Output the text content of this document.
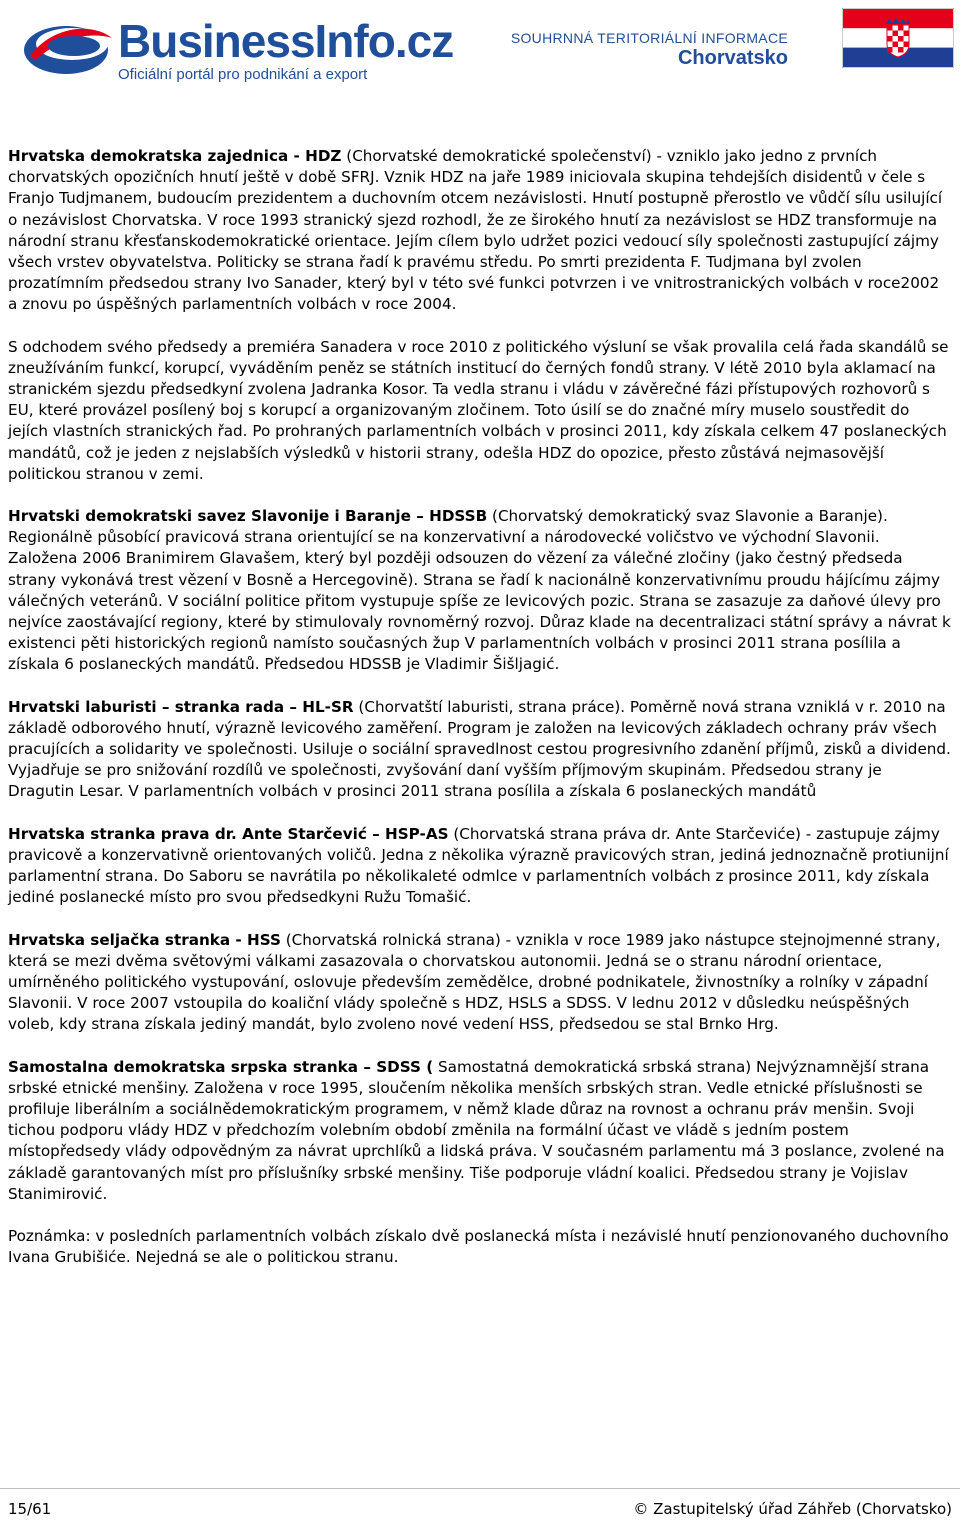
BusinessInfo.cz
Oficiální portál pro podnikání a export
SOUHRNNÁ TERITORIÁLNÍ INFORMACE
Chorvatsko

Hrvatska demokratska zajednica - HDZ (Chorvatské demokratické společenství) - vzniklo jako jedno z prvních chorvatských opozičních hnutí ještě v době SFRJ. Vznik HDZ na jaře 1989 iniciovala skupina tehdejších disidentů v čele s Franjo Tudjmanem, budoucím prezidentem a duchovním otcem nezávislosti. Hnutí postupně přerostlo ve vůdčí sílu usilující o nezávislost Chorvatska. V roce 1993 stranický sjezd rozhodl, že ze širokého hnutí za nezávislost se HDZ transformuje na národní stranu křesťanskodemokratické orientace. Jejím cílem bylo udržet pozici vedoucí síly společnosti zastupující zájmy všech vrstev obyvatelstva. Politicky se strana řadí k pravému středu. Po smrti prezidenta F. Tudjmana byl zvolen prozatímním předsedou strany Ivo Sanader, který byl v této své funkci potvrzen i ve vnitrostranických volbách v roce2002 a znovu po úspěšných parlamentních volbách v roce 2004.

S odchodem svého předsedy a premiéra Sanadera v roce 2010 z politického výsluní se však provalila celá řada skandálů se zneužíváním funkcí, korupcí, vyváděním peněz se státních institucí do černých fondů strany. V létě 2010 byla aklamací na stranickém sjezdu předsedkyní zvolena Jadranka Kosor. Ta vedla stranu i vládu v závěrečné fázi přístupových rozhovorů s EU, které provázel posílený boj s korupcí a organizovaným zločinem. Toto úsilí se do značné míry muselo soustředit do jejích vlastních stranických řad. Po prohraných parlamentních volbách v prosinci 2011, kdy získala celkem 47 poslaneckých mandátů, což je jeden z nejslabších výsledků v historii strany, odešla HDZ do opozice, přesto zůstává nejmasovější politickou stranou v zemi.

Hrvatski demokratski savez Slavonije i Baranje – HDSSB (Chorvatský demokratický svaz Slavonie a Baranje). Regionálně působící pravicová strana orientující se na konzervativní a národovecké voličstvo ve východní Slavonii. Založena 2006 Branimirem Glavašem, který byl později odsouzen do vězení za válečné zločiny (jako čestný předseda strany vykonává trest vězení v Bosně a Hercegovině). Strana se řadí k nacionálně konzervativnímu proudu hájícímu zájmy válečných veteránů. V sociální politice přitom vystupuje spíše ze levicových pozic. Strana se zasazuje za daňové úlevy pro nejvíce zaostávající regiony, které by stimulovaly rovnoměrný rozvoj. Důraz klade na decentralizaci státní správy a návrat k existenci pěti historických regionů namísto současných žup V parlamentních volbách v prosinci 2011 strana posílila a získala 6 poslaneckých mandátů. Předsedou HDSSB je Vladimir Šišljagić.

Hrvatski laburisti – stranka rada – HL-SR (Chorvatští laburisti, strana práce). Poměrně nová strana vzniklá v r. 2010 na základě odborového hnutí, výrazně levicového zaměření. Program je založen na levicových základech ochrany práv všech pracujících a solidarity ve společnosti. Usiluje o sociální spravedlnost cestou progresivního zdanění příjmů, zisků a dividend. Vyjadřuje se pro snižování rozdílů ve společnosti, zvyšování daní vyšším příjmovým skupinám. Předsedou strany je Dragutin Lesar. V parlamentních volbách v prosinci 2011 strana posílila a získala 6 poslaneckých mandátů

Hrvatska stranka prava dr. Ante Starčević – HSP-AS (Chorvatská strana práva dr. Ante Starčeviće) - zastupuje zájmy pravicově a konzervativně orientovaných voličů. Jedna z několika výrazně pravicových stran, jediná jednoznačně protiunijní parlamentní strana. Do Saboru se navrátila po několikaleté odmlce v parlamentních volbách z prosince 2011, kdy získala jediné poslanecké místo pro svou předsedkyni Ružu Tomašić.

Hrvatska seljačka stranka - HSS (Chorvatská rolnická strana) - vznikla v roce 1989 jako nástupce stejnojmenné strany, která se mezi dvěma světovými válkami zasazovala o chorvatskou autonomii. Jedná se o stranu národní orientace, umírněného politického vystupování, oslovuje především zemědělce, drobné podnikatele, živnostníky a rolníky v západní Slavonii. V roce 2007 vstoupila do koaliční vlády společně s HDZ, HSLS a SDSS. V lednu 2012 v důsledku neúspěšných voleb, kdy strana získala jediný mandát, bylo zvoleno nové vedení HSS, předsedou se stal Brnko Hrg.

Samostalna demokratska srpska stranka – SDSS ( Samostatná demokratická srbská strana) Nejvýznamnější strana srbské etnické menšiny. Založena v roce 1995, sloučením několika menších srbských stran. Vedle etnické příslušnosti se profiluje liberálním a sociálnědemokratickým programem, v němž klade důraz na rovnost a ochranu práv menšin. Svoji tichou podporu vlády HDZ v předchozím volebním období změnila na formální účast ve vládě s jedním postem místopředsedy vlády odpovědným za návrat uprchlíků a lidská práva. V současném parlamentu má 3 poslance, zvolené na základě garantovaných míst pro příslušníky srbské menšiny. Tiše podporuje vládní koalici. Předsedou strany je Vojislav Stanimirović.

Poznámka: v posledních parlamentních volbách získalo dvě poslanecká místa i nezávislé hnutí penzionovaného duchovního Ivana Grubišiće. Nejedná se ale o politickou stranu.

15/61	© Zastupitelský úřad Záhřeb (Chorvatsko)
